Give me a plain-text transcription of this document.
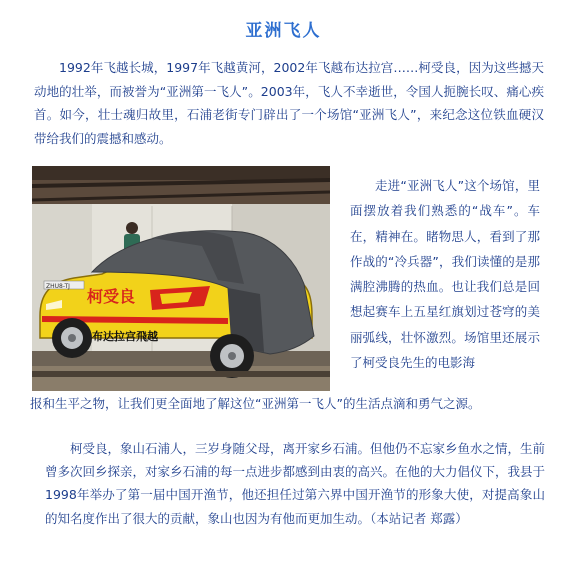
亚洲飞人

1992年飞越长城，1997年飞越黄河，2002年飞越布达拉宫……柯受良，因为这些撼天动地的壮举，而被誉为“亚洲第一飞人”。2003年，飞人不幸逝世，令国人扼腕长叹、痛心疾首。如今，壮士魂归故里，石浦老街专门辟出了一个场馆“亚洲飞人”，来纪念这位铁血硬汉带给我们的震撼和感动。

柯受良
布达拉宫飛越
ZHU8-TJ

走进“亚洲飞人”这个场馆，里面摆放着我们熟悉的“战车”。车在，精神在。睹物思人，看到了那作战的“冷兵器”，我们读懂的是那满腔沸腾的热血。也让我们总是回想起赛车上五星红旗划过苍穹的美丽弧线，壮怀激烈。场馆里还展示了柯受良先生的电影海

报和生平之物，让我们更全面地了解这位“亚洲第一飞人”的生活点滴和勇气之源。

柯受良，象山石浦人，三岁身随父母，离开家乡石浦。但他仍不忘家乡鱼水之情，生前曾多次回乡探亲，对家乡石浦的每一点进步都感到由衷的高兴。在他的大力倡仪下，我县于1998年举办了第一届中国开渔节，他还担任过第六界中国开渔节的形象大使，对提高象山的知名度作出了很大的贡献，象山也因为有他而更加生动。（本站记者 郑露）
